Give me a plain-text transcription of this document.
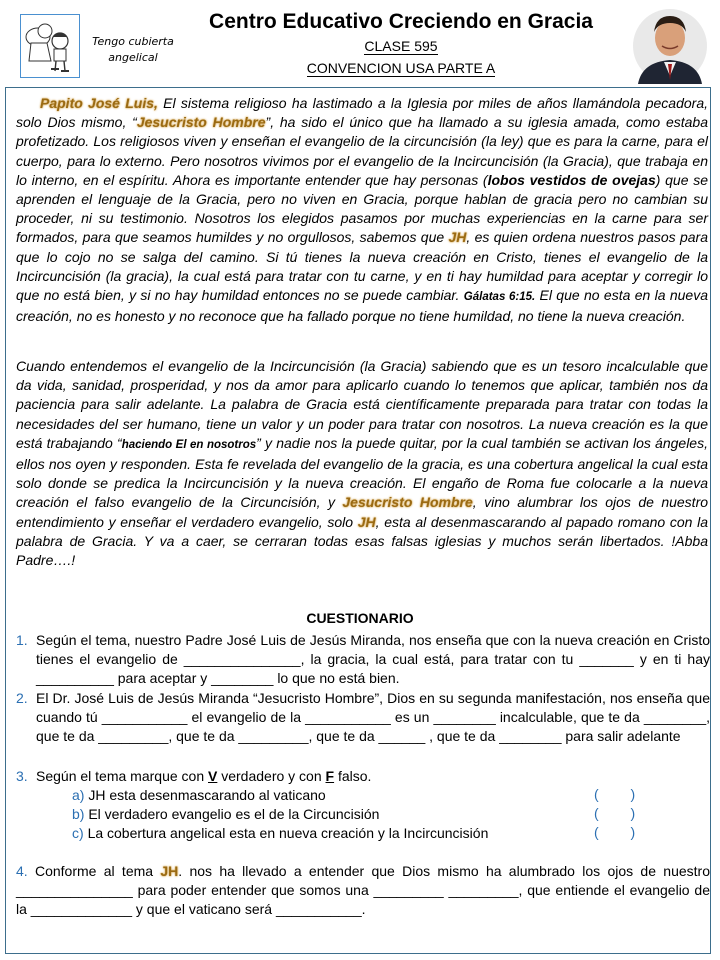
Tengo cubierta
angelical
Centro Educativo Creciendo en Gracia
CLASE 595
CONVENCION USA PARTE A
Papito José Luis, El sistema religioso ha lastimado a la Iglesia por miles de años llamándola pecadora, solo Dios mismo, “Jesucristo Hombre”, ha sido el único que ha llamado a su iglesia amada, como estaba profetizado. Los religiosos viven y enseñan el evangelio de la circuncisión (la ley) que es para la carne, para el cuerpo, para lo externo. Pero nosotros vivimos por el evangelio de la Incircuncisión (la Gracia), que trabaja en lo interno, en el espíritu. Ahora es importante entender que hay personas (lobos vestidos de ovejas) que se aprenden el lenguaje de la Gracia, pero no viven en Gracia, porque hablan de gracia pero no cambian su proceder, ni su testimonio. Nosotros los elegidos pasamos por muchas experiencias en la carne para ser formados, para que seamos humildes y no orgullosos, sabemos que JH, es quien ordena nuestros pasos para que lo cojo no se salga del camino. Si tú tienes la nueva creación en Cristo, tienes el evangelio de la Incircuncisión (la gracia), la cual está para tratar con tu carne, y en ti hay humildad para aceptar y corregir lo que no está bien, y si no hay humildad entonces no se puede cambiar. Gálatas 6:15. El que no esta en la nueva creación, no es honesto y no reconoce que ha fallado porque no tiene humildad, no tiene la nueva creación.
Cuando entendemos el evangelio de la Incircuncisión (la Gracia) sabiendo que es un tesoro incalculable que da vida, sanidad, prosperidad, y nos da amor para aplicarlo cuando lo tenemos que aplicar, también nos da paciencia para salir adelante. La palabra de Gracia está científicamente preparada para tratar con todas la necesidades del ser humano, tiene un valor y un poder para tratar con nosotros. La nueva creación es la que está trabajando “haciendo El en nosotros” y nadie nos la puede quitar, por la cual también se activan los ángeles, ellos nos oyen y responden. Esta fe revelada del evangelio de la gracia, es una cobertura angelical la cual esta solo donde se predica la Incircuncisión y la nueva creación. El engaño de Roma fue colocarle a la nueva creación el falso evangelio de la Circuncisión, y Jesucristo Hombre, vino alumbrar los ojos de nuestro entendimiento y enseñar el verdadero evangelio, solo JH, esta al desenmascarando al papado romano con la palabra de Gracia. Y va a caer, se cerraran todas esas falsas iglesias y muchos serán libertados. !Abba Padre….!
CUESTIONARIO
1. Según el tema, nuestro Padre José Luis de Jesús Miranda, nos enseña que con la nueva creación en Cristo tienes el evangelio de _______________, la gracia, la cual está, para tratar con tu _______ y en ti hay __________ para aceptar y ________ lo que no está bien.
2. El Dr. José Luis de Jesús Miranda “Jesucristo Hombre”, Dios en su segunda manifestación, nos enseña que cuando tú ___________ el evangelio de la ___________ es un ________ incalculable, que te da ________, que te da _________, que te da _________, que te da ______ , que te da ________ para salir adelante
3. Según el tema marque con V verdadero y con F falso.
a) JH esta desenmascarando al vaticano	( )
b) El verdadero evangelio es el de la Circuncisión	( )
c) La cobertura angelical esta en nueva creación y la Incircuncisión	( )
4. Conforme al tema JH. nos ha llevado a entender que Dios mismo ha alumbrado los ojos de nuestro _______________ para poder entender que somos una _________ _________, que entiende el evangelio de la _____________ y que el vaticano será ___________.
